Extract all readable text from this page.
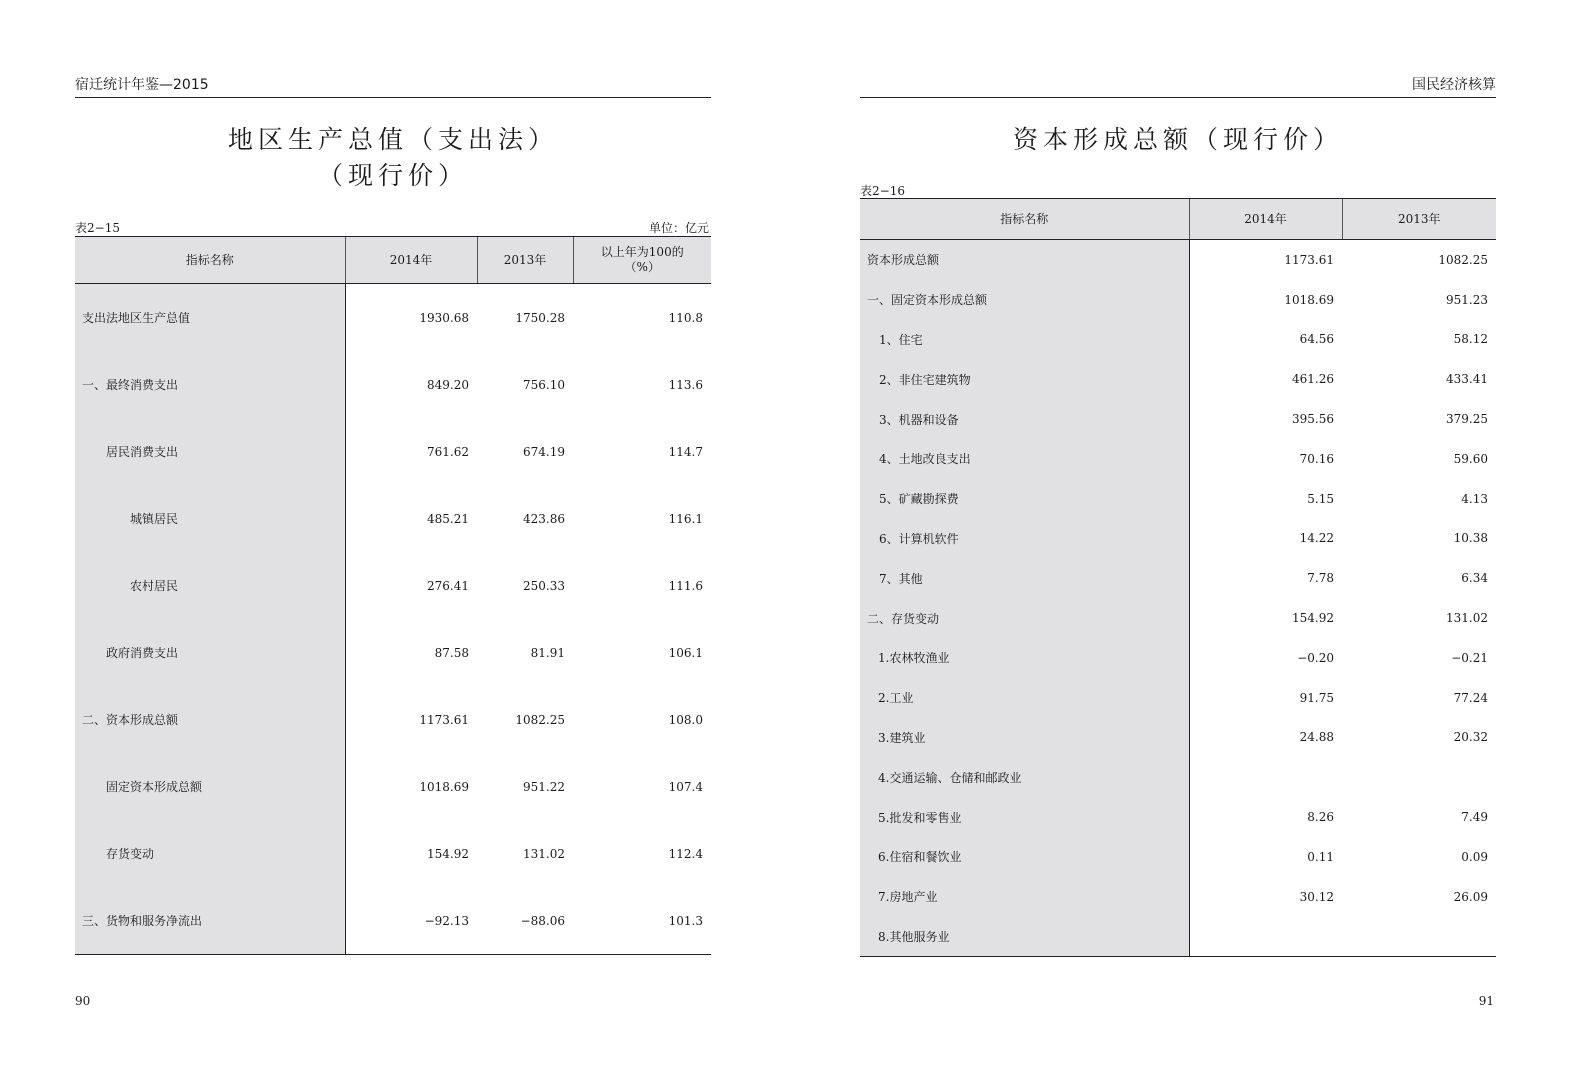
宿迁统计年鉴—2015
地区生产总值（支出法）
（现行价）
表2−15	单位：亿元
指标名称	2014年	2013年	以上年为100的
（%）

支出法地区生产总值	1930.68	1750.28	110.8
一、最终消费支出	849.20	756.10	113.6
居民消费支出	761.62	674.19	114.7
城镇居民	485.21	423.86	116.1
农村居民	276.41	250.33	111.6
政府消费支出	87.58	81.91	106.1
二、资本形成总额	1173.61	1082.25	108.0
固定资本形成总额	1018.69	951.22	107.4
存货变动	154.92	131.02	112.4
三、货物和服务净流出	−92.13	−88.06	101.3
90
国民经济核算
资本形成总额（现行价）
表2−16
指标名称	2014年	2013年
资本形成总额	1173.61	1082.25
一、固定资本形成总额	1018.69	951.23
1、住宅	64.56	58.12
2、非住宅建筑物	461.26	433.41
3、机器和设备	395.56	379.25
4、土地改良支出	70.16	59.60
5、矿藏勘探费	5.15	4.13
6、计算机软件	14.22	10.38
7、其他	7.78	6.34
二、存货变动	154.92	131.02
1.农林牧渔业	−0.20	−0.21
2.工业	91.75	77.24
3.建筑业	24.88	20.32
4.交通运输、仓储和邮政业		
5.批发和零售业	8.26	7.49
6.住宿和餐饮业	0.11	0.09
7.房地产业	30.12	26.09
8.其他服务业		
91
